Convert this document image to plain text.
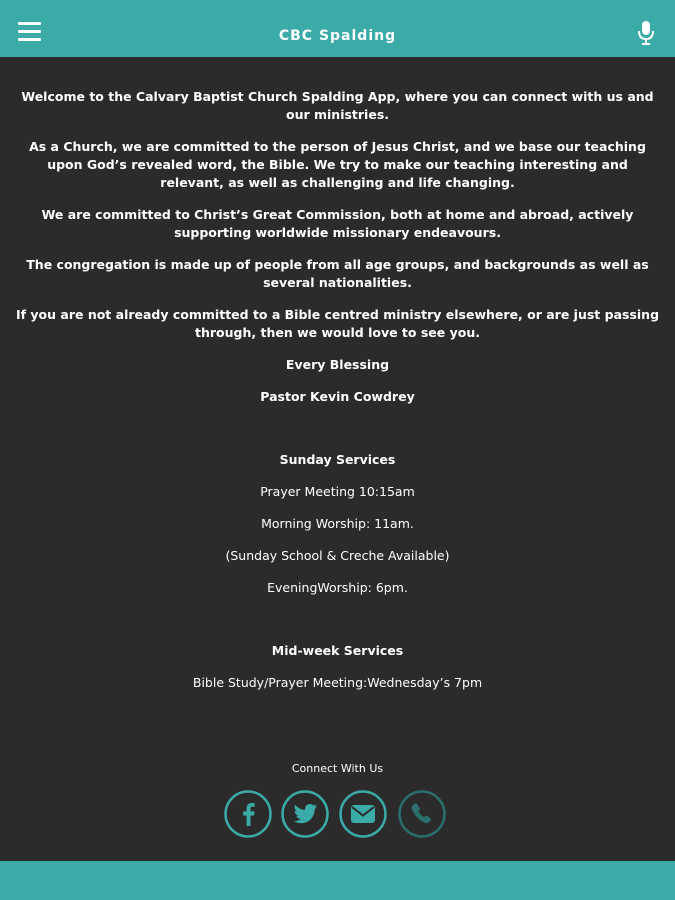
CBC Spalding

Welcome to the Calvary Baptist Church Spalding App, where you can connect with us and our ministries.

As a Church, we are committed to the person of Jesus Christ, and we base our teaching upon God’s revealed word, the Bible. We try to make our teaching interesting and relevant, as well as challenging and life changing.

We are committed to Christ’s Great Commission, both at home and abroad, actively supporting worldwide missionary endeavours.

The congregation is made up of people from all age groups, and backgrounds as well as several nationalities.

If you are not already committed to a Bible centred ministry elsewhere, or are just passing through, then we would love to see you.

Every Blessing

Pastor Kevin Cowdrey

Sunday Services

Prayer Meeting 10:15am

Morning Worship: 11am.

(Sunday School & Creche Available)

EveningWorship: 6pm.

Mid-week Services

Bible Study/Prayer Meeting:Wednesday’s 7pm

Connect With Us
